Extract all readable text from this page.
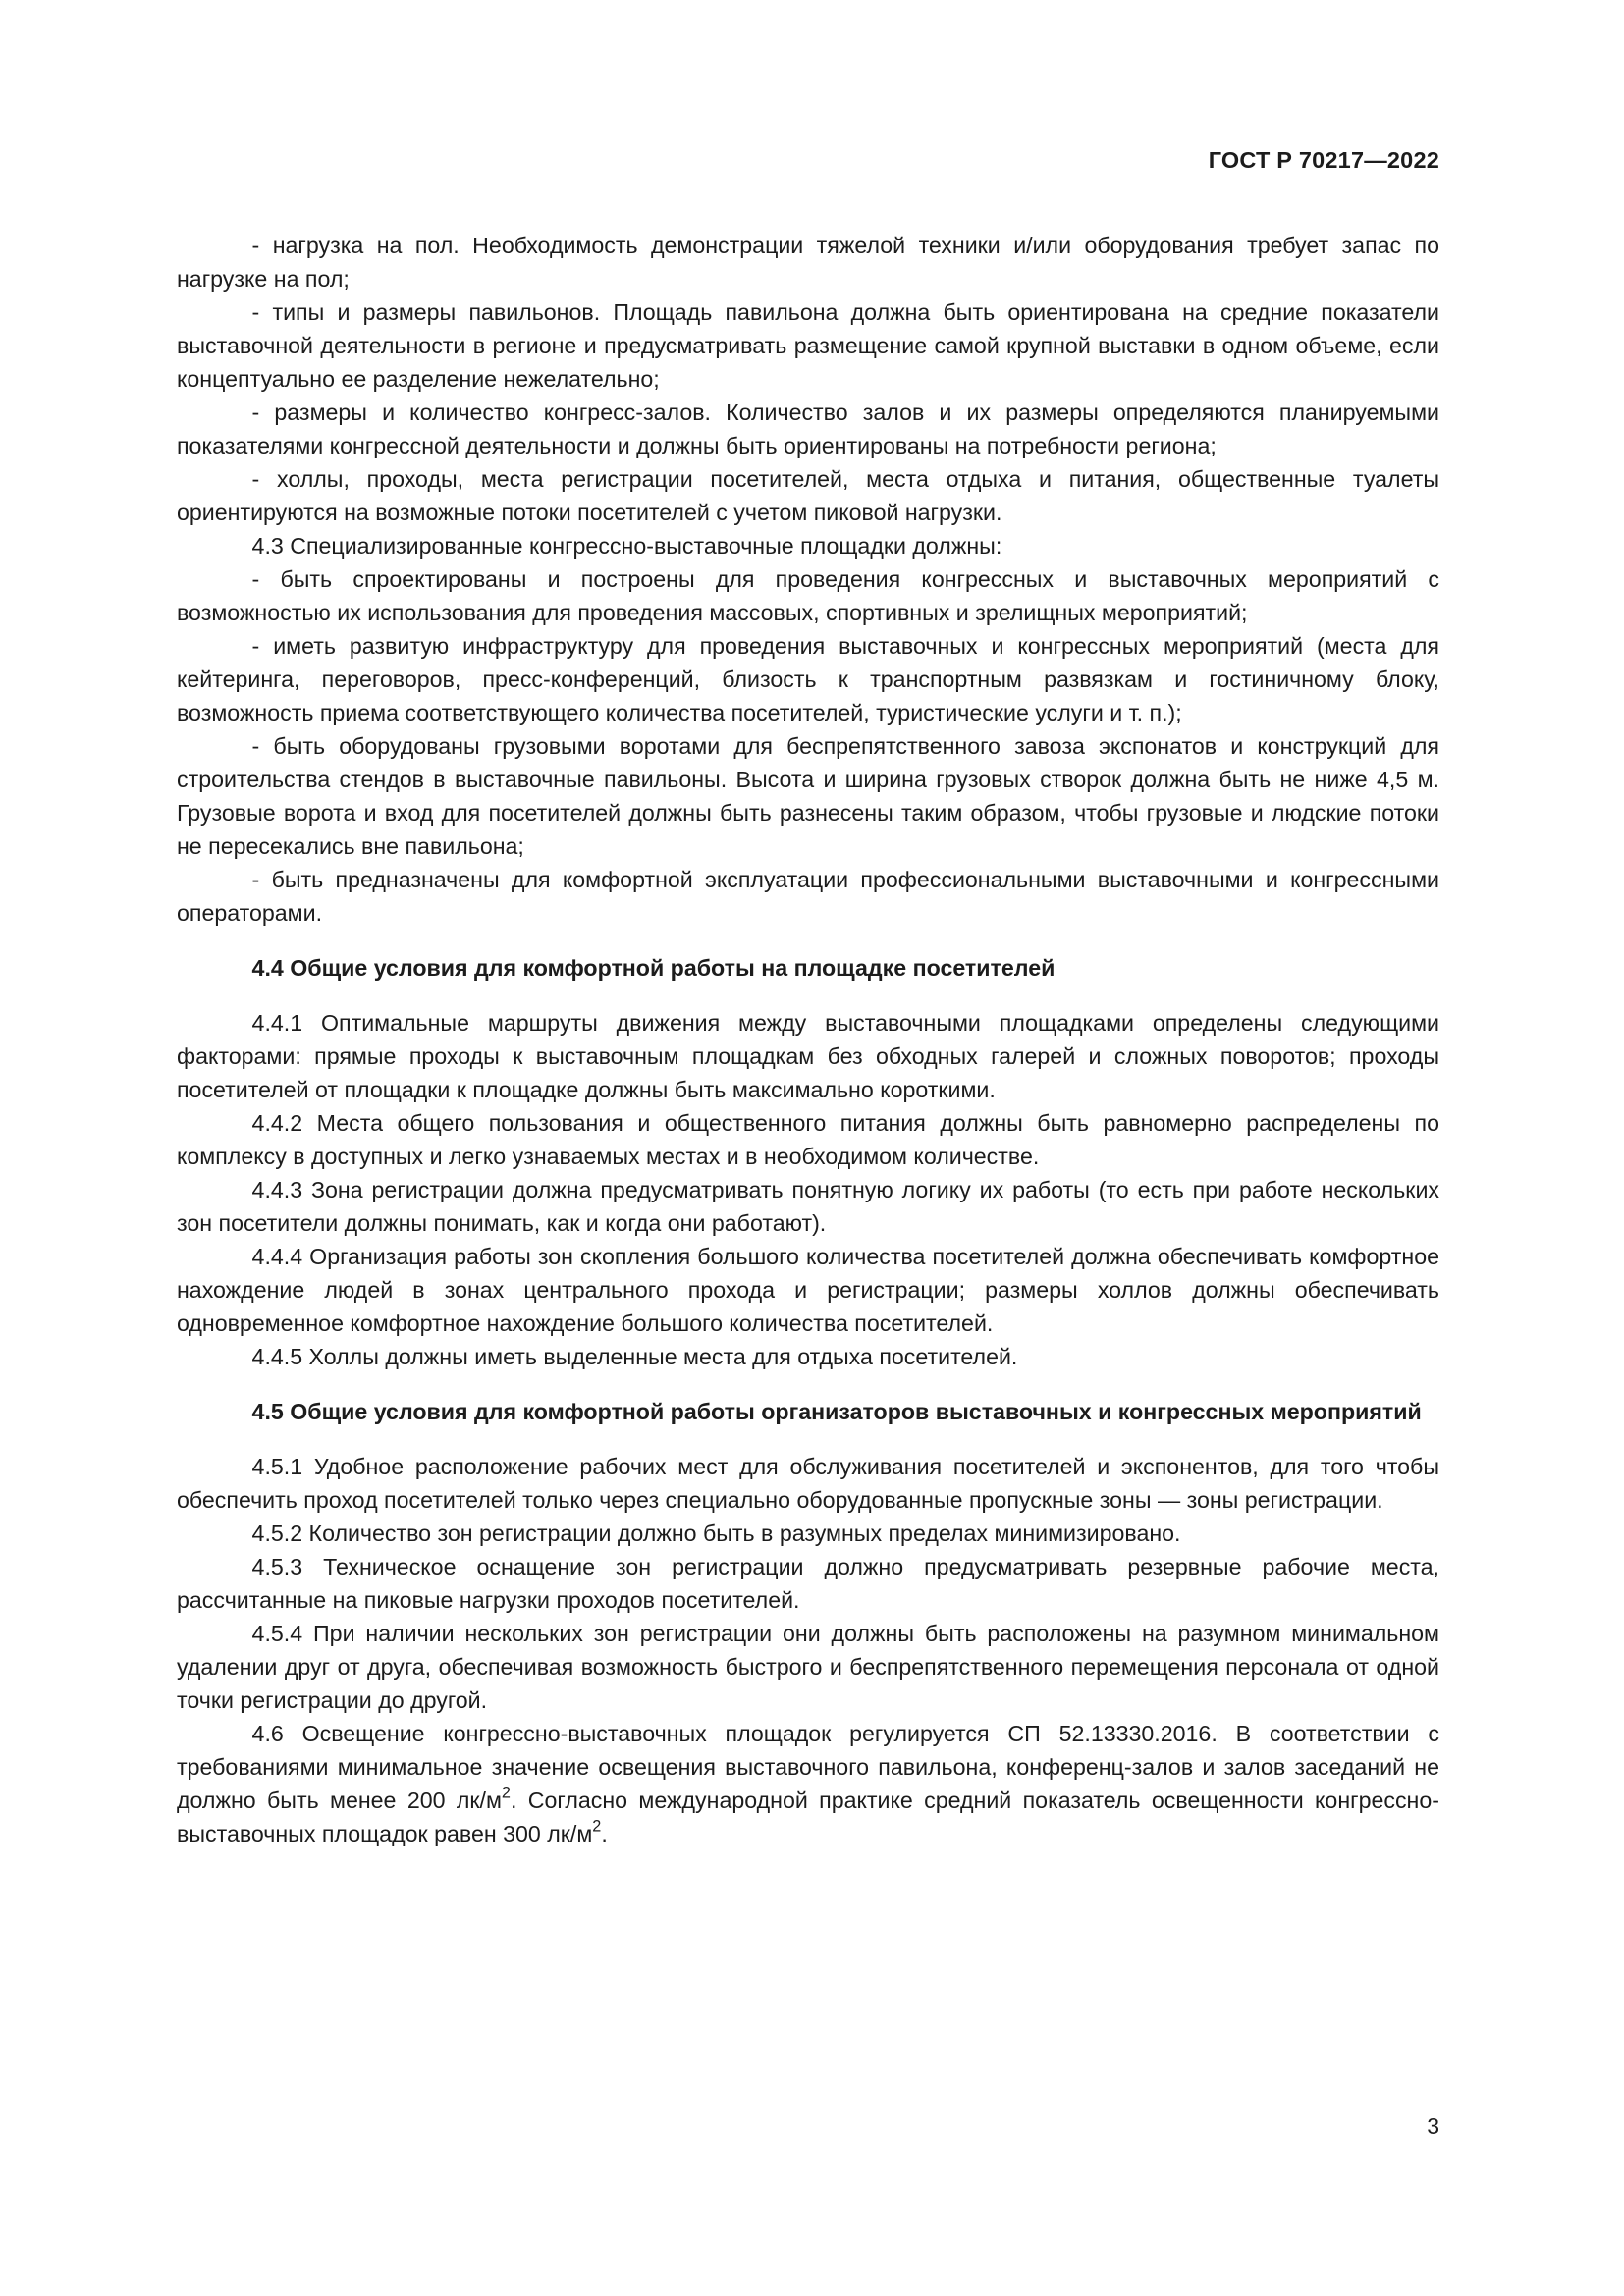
ГОСТ Р 70217—2022

- нагрузка на пол. Необходимость демонстрации тяжелой техники и/или оборудования требует запас по нагрузке на пол;

- типы и размеры павильонов. Площадь павильона должна быть ориентирована на средние показатели выставочной деятельности в регионе и предусматривать размещение самой крупной выставки в одном объеме, если концептуально ее разделение нежелательно;

- размеры и количество конгресс-залов. Количество залов и их размеры определяются планируемыми показателями конгрессной деятельности и должны быть ориентированы на потребности региона;

- холлы, проходы, места регистрации посетителей, места отдыха и питания, общественные туалеты ориентируются на возможные потоки посетителей с учетом пиковой нагрузки.

4.3 Специализированные конгрессно-выставочные площадки должны:

- быть спроектированы и построены для проведения конгрессных и выставочных мероприятий с возможностью их использования для проведения массовых, спортивных и зрелищных мероприятий;

- иметь развитую инфраструктуру для проведения выставочных и конгрессных мероприятий (места для кейтеринга, переговоров, пресс-конференций, близость к транспортным развязкам и гостиничному блоку, возможность приема соответствующего количества посетителей, туристические услуги и т. п.);

- быть оборудованы грузовыми воротами для беспрепятственного завоза экспонатов и конструкций для строительства стендов в выставочные павильоны. Высота и ширина грузовых створок должна быть не ниже 4,5 м. Грузовые ворота и вход для посетителей должны быть разнесены таким образом, чтобы грузовые и людские потоки не пересекались вне павильона;

- быть предназначены для комфортной эксплуатации профессиональными выставочными и конгрессными операторами.

4.4 Общие условия для комфортной работы на площадке посетителей

4.4.1 Оптимальные маршруты движения между выставочными площадками определены следующими факторами: прямые проходы к выставочным площадкам без обходных галерей и сложных поворотов; проходы посетителей от площадки к площадке должны быть максимально короткими.

4.4.2 Места общего пользования и общественного питания должны быть равномерно распределены по комплексу в доступных и легко узнаваемых местах и в необходимом количестве.

4.4.3 Зона регистрации должна предусматривать понятную логику их работы (то есть при работе нескольких зон посетители должны понимать, как и когда они работают).

4.4.4 Организация работы зон скопления большого количества посетителей должна обеспечивать комфортное нахождение людей в зонах центрального прохода и регистрации; размеры холлов должны обеспечивать одновременное комфортное нахождение большого количества посетителей.

4.4.5 Холлы должны иметь выделенные места для отдыха посетителей.

4.5 Общие условия для комфортной работы организаторов выставочных и конгрессных мероприятий

4.5.1 Удобное расположение рабочих мест для обслуживания посетителей и экспонентов, для того чтобы обеспечить проход посетителей только через специально оборудованные пропускные зоны — зоны регистрации.

4.5.2 Количество зон регистрации должно быть в разумных пределах минимизировано.

4.5.3 Техническое оснащение зон регистрации должно предусматривать резервные рабочие места, рассчитанные на пиковые нагрузки проходов посетителей.

4.5.4 При наличии нескольких зон регистрации они должны быть расположены на разумном минимальном удалении друг от друга, обеспечивая возможность быстрого и беспрепятственного перемещения персонала от одной точки регистрации до другой.

4.6 Освещение конгрессно-выставочных площадок регулируется СП 52.13330.2016. В соответствии с требованиями минимальное значение освещения выставочного павильона, конференц-залов и залов заседаний не должно быть менее 200 $лк/м^2$. Согласно международной практике средний показатель освещенности конгрессно-выставочных площадок равен 300 $лк/м^2$.

3
